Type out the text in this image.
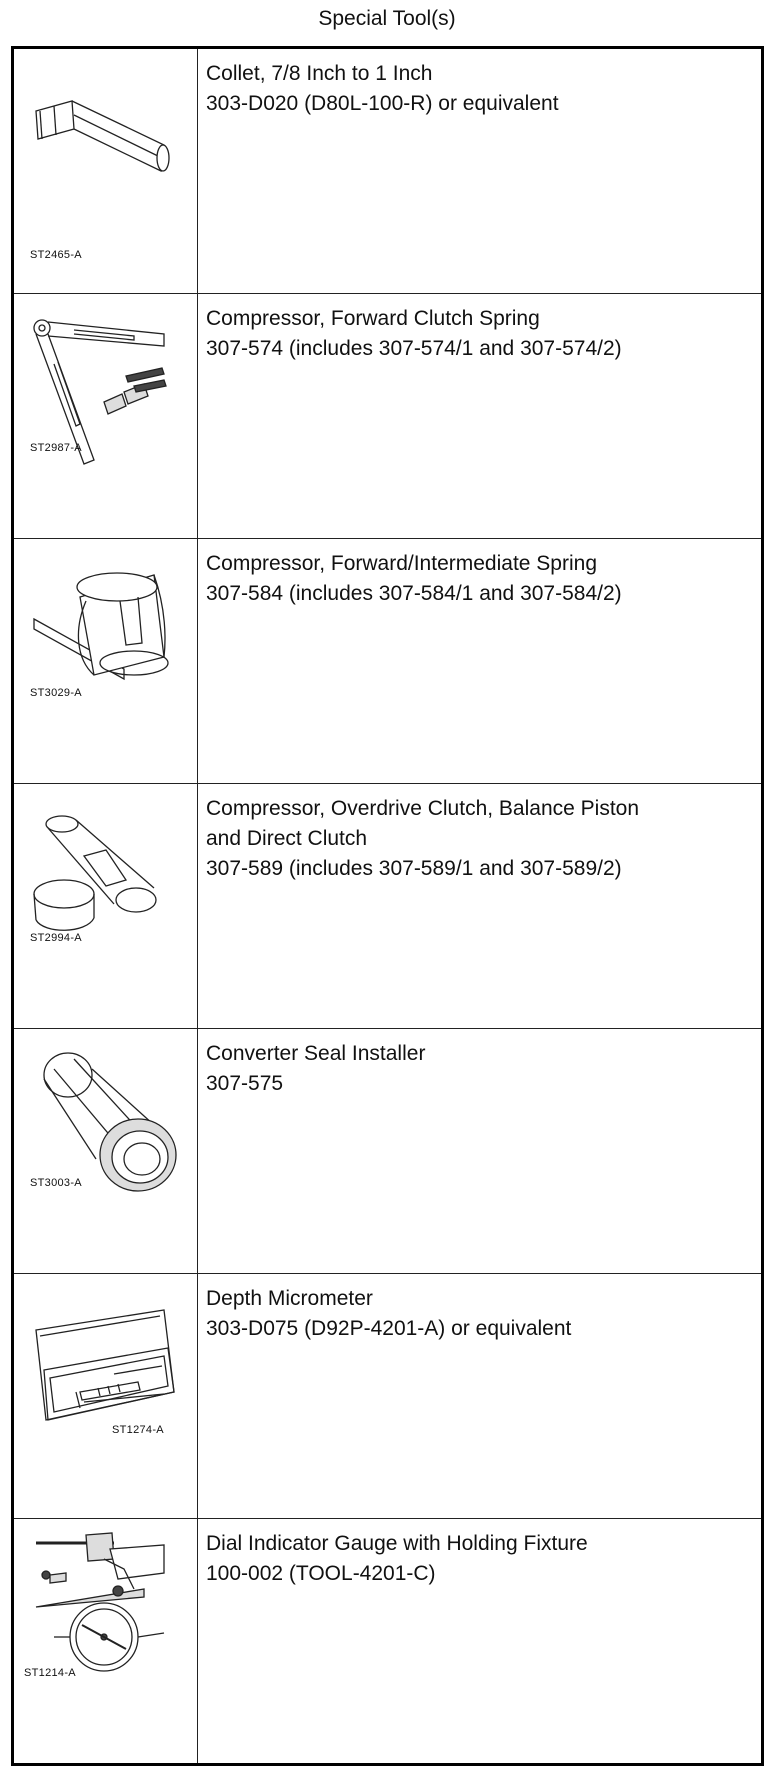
Special Tool(s)
ST2465-A	Collet, 7/8 Inch to 1 Inch
303-D020 (D80L-100-R) or equivalent

ST2987-A	Compressor, Forward Clutch Spring
307-574 (includes 307-574/1 and 307-574/2)

ST3029-A	Compressor, Forward/Intermediate Spring
307-584 (includes 307-584/1 and 307-584/2)

ST2994-A	Compressor, Overdrive Clutch, Balance Piston
and Direct Clutch
307-589 (includes 307-589/1 and 307-589/2)

ST3003-A	Converter Seal Installer
307-575

ST1274-A	Depth Micrometer
303-D075 (D92P-4201-A) or equivalent

ST1214-A	Dial Indicator Gauge with Holding Fixture
100-002 (TOOL-4201-C)
